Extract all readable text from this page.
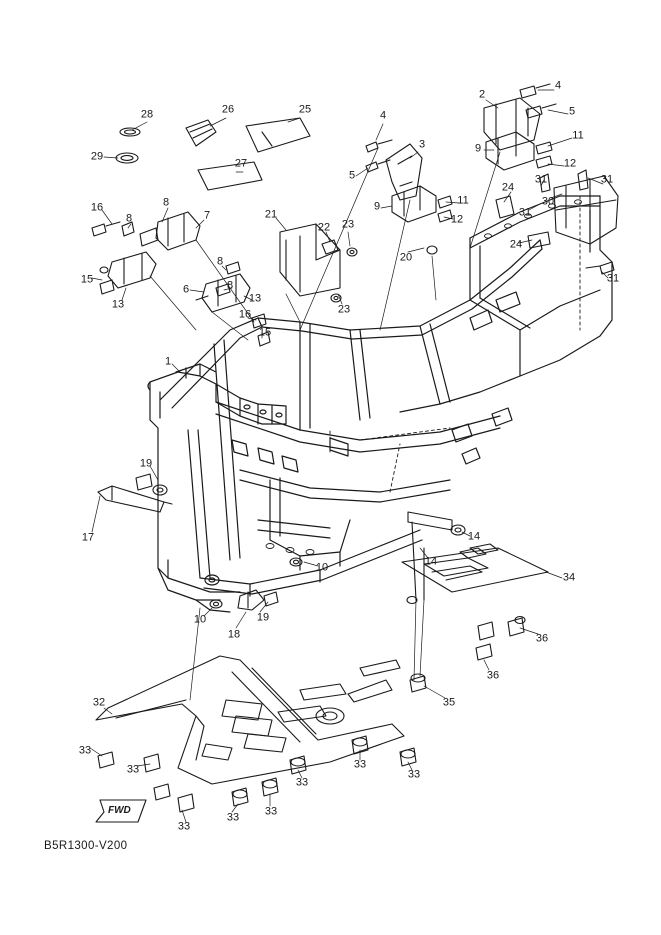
FWD
B5R1300-V200
28	26	25
29
27
4
3
5
2
4
5
11
9
12
24
31	31
31
30
24
31
9	11
12
20
16
8
8
7
15
13
8
6	8
13
16
15
21
22 23
23
1
19
17
10
10
18
19
14
14
34
36
36
35
32
33
33
33
33 33
33
33
33
